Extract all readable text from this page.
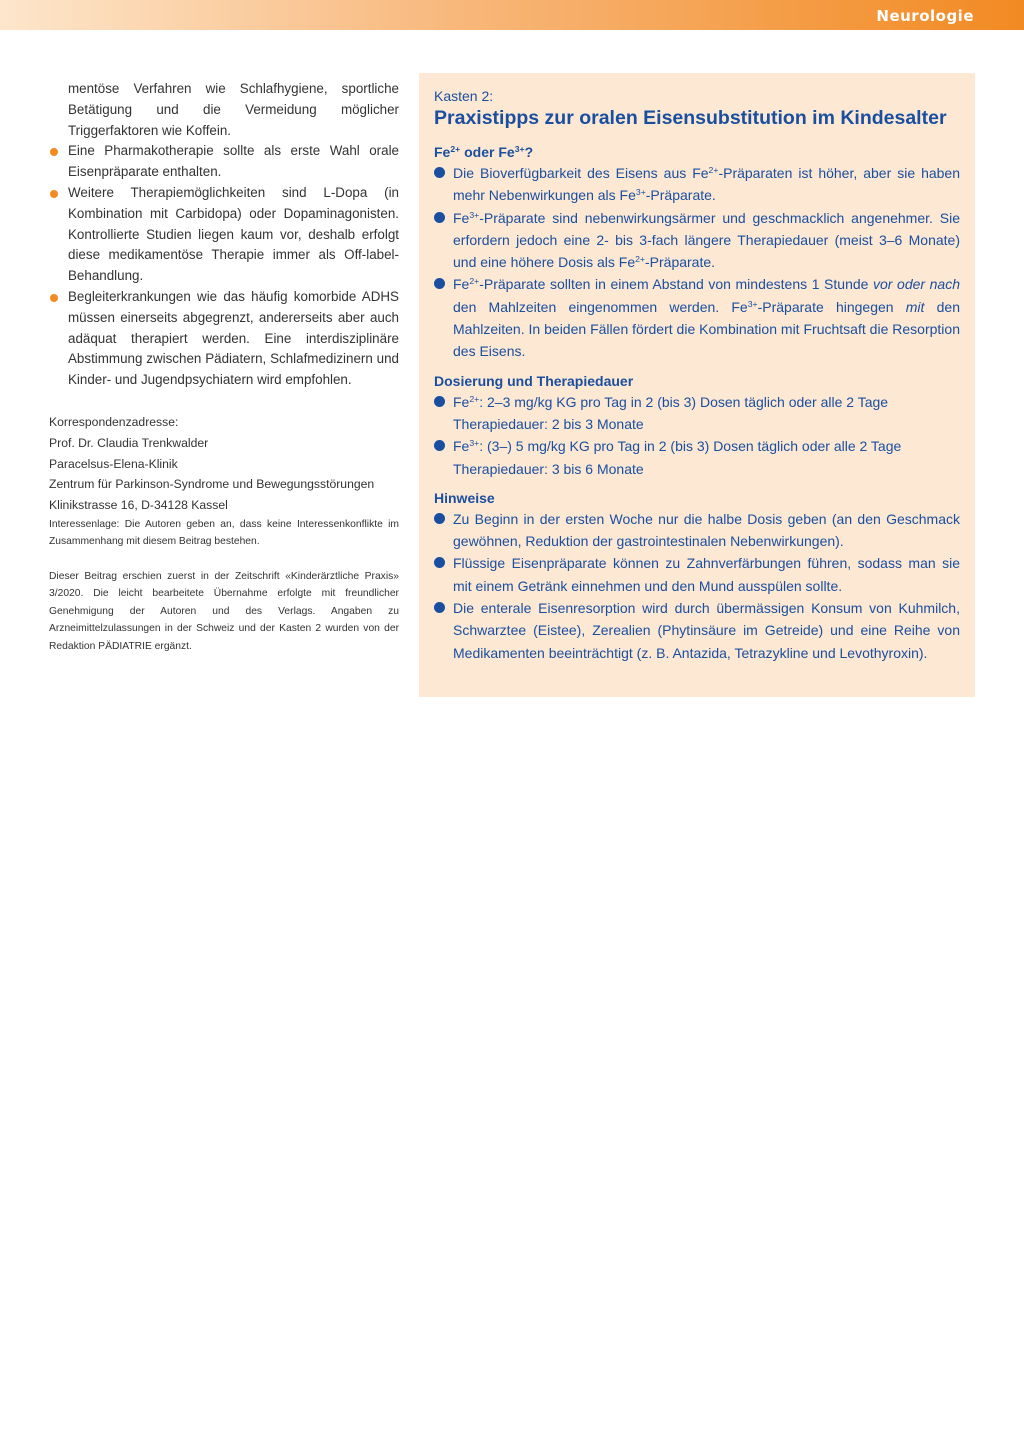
Neurologie

mentöse Verfahren wie Schlafhygiene, sportliche Betätigung und die Vermeidung möglicher Triggerfaktoren wie Koffein.

Eine Pharmakotherapie sollte als erste Wahl orale Eisenpräparate enthalten.
Weitere Therapiemöglichkeiten sind L-Dopa (in Kombination mit Carbidopa) oder Dopaminagonisten. Kontrollierte Studien liegen kaum vor, deshalb erfolgt diese medikamentöse Therapie immer als Off-label-Behandlung.
Begleiterkrankungen wie das häufig komorbide ADHS müssen einerseits abgegrenzt, andererseits aber auch adäquat therapiert werden. Eine interdisziplinäre Abstimmung zwischen Pädiatern, Schlafmedizinern und Kinder- und Jugendpsychiatern wird empfohlen.
Korrespondenzadresse:
Prof. Dr. Claudia Trenkwalder
Paracelsus-Elena-Klinik
Zentrum für Parkinson-Syndrome und Bewegungsstörungen
Klinikstrasse 16, D-34128 Kassel

Interessenlage: Die Autoren geben an, dass keine Interessenkonflikte im Zusammenhang mit diesem Beitrag bestehen.

Dieser Beitrag erschien zuerst in der Zeitschrift «Kinderärztliche Praxis» 3/2020. Die leicht bearbeitete Übernahme erfolgte mit freundlicher Genehmigung der Autoren und des Verlags. Angaben zu Arzneimittelzulassungen in der Schweiz und der Kasten 2 wurden von der Redaktion PÄDIATRIE ergänzt.

Kasten 2:
Praxistipps zur oralen Eisensubstitution im Kindesalter
$Fe^{2+}$ oder $Fe^{3+}$?
Die Bioverfügbarkeit des Eisens aus $Fe^{2+}$-Präparaten ist höher, aber sie haben mehr Nebenwirkungen als $Fe^{3+}$-Präparate.
$Fe^{3+}$-Präparate sind nebenwirkungsärmer und geschmacklich angenehmer. Sie erfordern jedoch eine 2- bis 3-fach längere Therapiedauer (meist 3–6 Monate) und eine höhere Dosis als $Fe^{2+}$-Präparate.
$Fe^{2+}$-Präparate sollten in einem Abstand von mindestens 1 Stunde vor oder nach den Mahlzeiten eingenommen werden. $Fe^{3+}$-Präparate hingegen mit den Mahlzeiten. In beiden Fällen fördert die Kombination mit Fruchtsaft die Resorption des Eisens.
Dosierung und Therapiedauer
$Fe^{2+}$: 2–3 mg/kg KG pro Tag in 2 (bis 3) Dosen täglich oder alle 2 Tage
Therapiedauer: 2 bis 3 Monate
$Fe^{3+}$: (3–) 5 mg/kg KG pro Tag in 2 (bis 3) Dosen täglich oder alle 2 Tage
Therapiedauer: 3 bis 6 Monate
Hinweise
Zu Beginn in der ersten Woche nur die halbe Dosis geben (an den Geschmack gewöhnen, Reduktion der gastrointestinalen Nebenwirkungen).
Flüssige Eisenpräparate können zu Zahnverfärbungen führen, sodass man sie mit einem Getränk einnehmen und den Mund ausspülen sollte.
Die enterale Eisenresorption wird durch übermässigen Konsum von Kuhmilch, Schwarztee (Eistee), Zerealien (Phytinsäure im Getreide) und eine Reihe von Medikamenten beeinträchtigt (z. B. Antazida, Tetrazykline und Levothyroxin).
